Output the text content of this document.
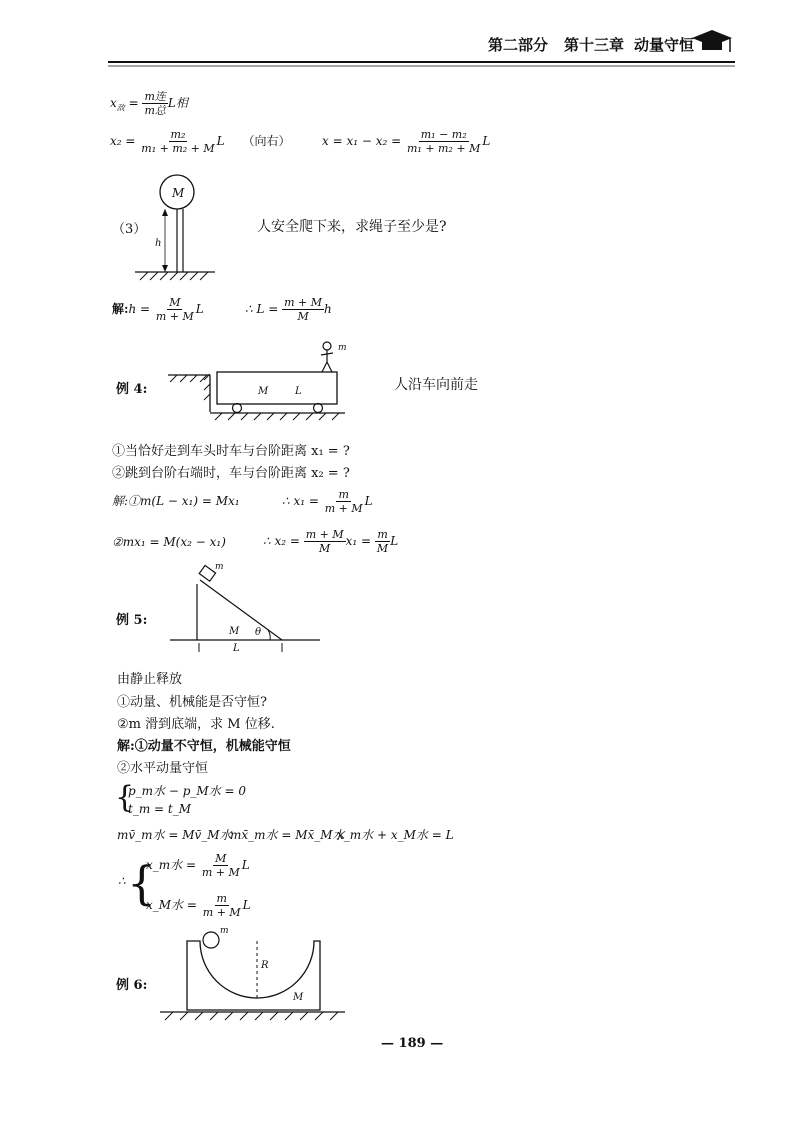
第二部分 第十三章 动量守恒
$x_敌 = \frac{\text{m连}}{\text{m总}}$ L相
$x_2 = \frac{\text{m₂}}{\text{m₁ + m₂ + M}}$ L （向右）	$x = x_1 - x_2 = \frac{\text{m₁ − m₂}}{\text{m₁ + m₂ + M}}$ L
M
h
（3）	人安全爬下来，求绳子至少是?
解:h = $\frac{M}{m + M}$ L	∴ $L = \frac{m + M}{M}$ h
m
M	L
例 4:	人沿车向前走
①当恰好走到车头时车与台阶距离 x₁ = ?
②跳到台阶右端时，车与台阶距离 x₂ = ?
解:①m(L − x₁) = Mx₁	∴ $x_1 = \frac{m}{m + M}$ L
②mx₁ = M(x₂ − x₁)	∴ $x_2 = \frac{m + M}{M} x_1 = \frac{m}{M}$ L
m
M θ
L
例 5:
由静止释放
①动量、机械能是否守恒?
②m 滑到底端，求 M 位移.
解:①动量不守恒，机械能守恒
②水平动量守恒
{
p_m水 − p_M水 = 0
t_m = t_M
mv̄_m水 = Mv̄_M水
mx̄_m水 = Mx̄_M水
x_m水 + x_M水 = L
∴ {
x_m水 = $\frac{M}{m + M}$ L
x_M水 = $\frac{m}{m + M}$ L
m
R
M
例 6:
— 189 —
